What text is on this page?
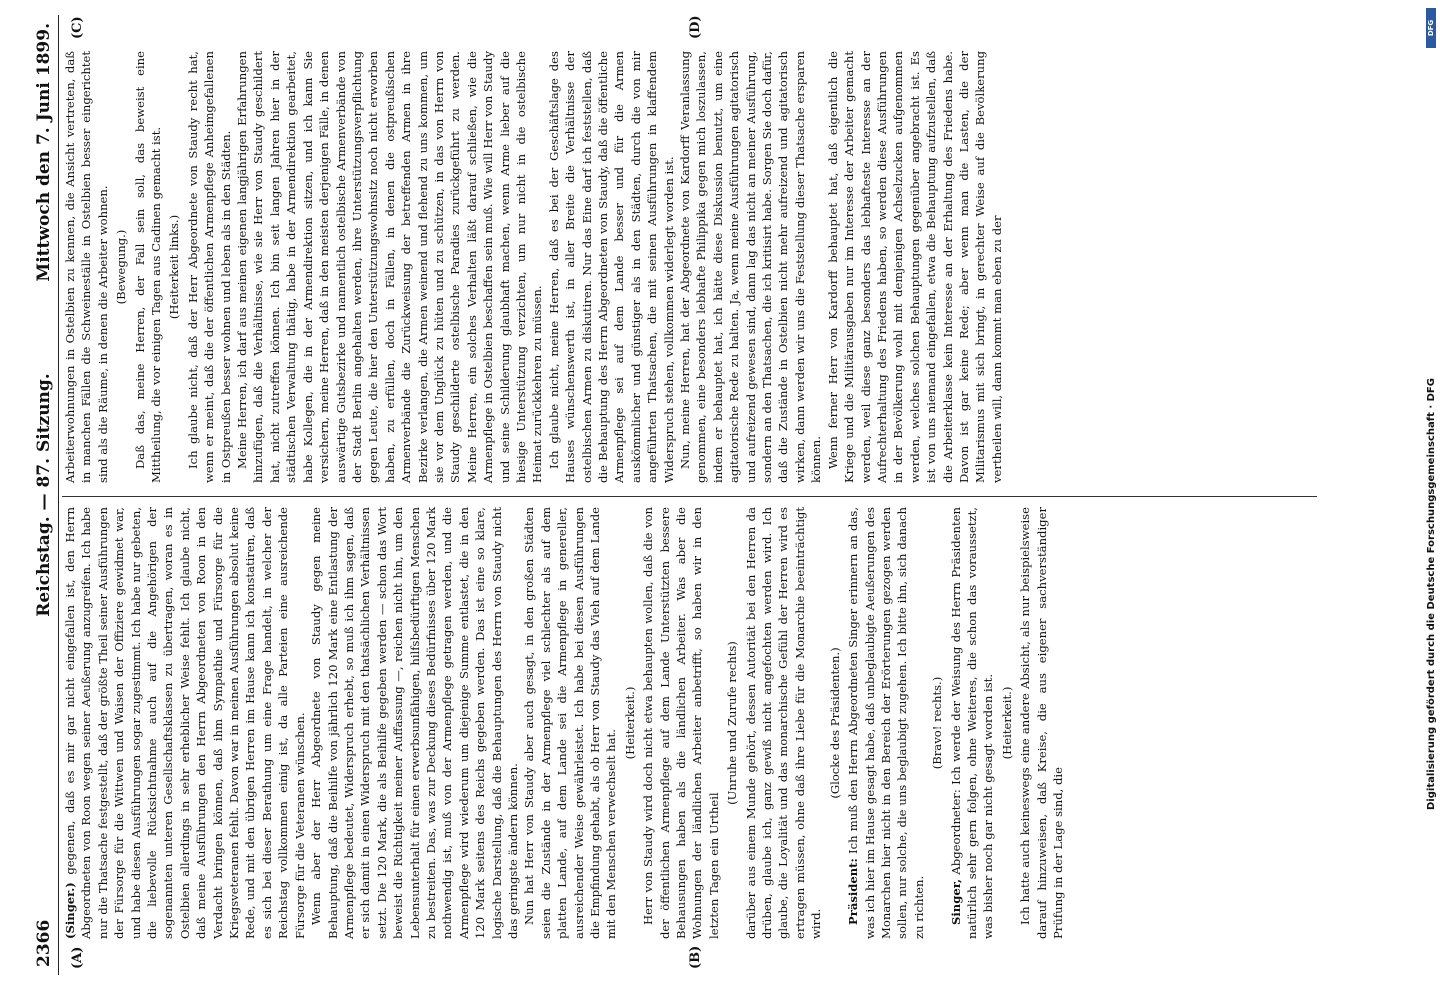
2366
Reichstag. — 87. Sitzung.
Mittwoch den 7. Juni 1899.
(A)	(B)
(C)	(D)

(Singer.) gegenen, daß es mir gar nicht eingefallen ist, den Herrn Abgeordneten von Roon wegen seiner Aeußerung anzugreifen. Ich habe nur die Thatsache festgestellt, daß der größte Theil seiner Ausführungen der Fürsorge für die Wittwen und Waisen der Offiziere gewidmet war, und habe diesen Ausführungen sogar zugestimmt. Ich habe nur gebeten, die liebevolle Rücksichtnahme auch auf die Angehörigen der sogenannten unteren Gesellschaftsklassen zu übertragen, woran es in Ostelbien allerdings in sehr erheblicher Weise fehlt. Ich glaube nicht, daß meine Ausführungen den Herrn Abgeordneten von Roon in den Verdacht bringen können, daß ihm Sympathie und Fürsorge für die Kriegsveteranen fehlt. Davon war in meinen Ausführungen absolut keine Rede, und mit den übrigen Herren im Hause kann ich konstatiren, daß es sich bei dieser Berathung um eine Frage handelt, in welcher der Reichstag vollkommen einig ist, da alle Parteien eine ausreichende Fürsorge für die Veteranen wünschen. Wenn aber der Herr Abgeordnete von Staudy gegen meine Behauptung, daß die Beihilfe von jährlich 120 Mark eine Entlastung der Armenpflege bedeutet, Widerspruch erhebt, so muß ich ihm sagen, daß er sich damit in einen Widerspruch mit den thatsächlichen Verhältnissen setzt. Die 120 Mark, die als Beihilfe gegeben werden — schon das Wort beweist die Richtigkeit meiner Auffassung —, reichen nicht hin, um den Lebensunterhalt für einen erwerbsunfähigen, hilfsbedürftigen Menschen zu bestreiten. Das, was zur Deckung dieses Bedürfnisses über 120 Mark nothwendig ist, muß von der Armenpflege getragen werden, und die Armenpflege wird wiederum um diejenige Summe entlastet, die in den 120 Mark seitens des Reichs gegeben werden. Das ist eine so klare, logische Darstellung, daß die Behauptungen des Herrn von Staudy nicht das geringste ändern können. Nun hat Herr von Staudy aber auch gesagt, in den großen Städten seien die Zustände in der Armenpflege viel schlechter als auf dem platten Lande, auf dem Lande sei die Armenpflege in genereller, ausreichender Weise gewährleistet. Ich habe bei diesen Ausführungen die Empfindung gehabt, als ob Herr von Staudy das Vieh auf dem Lande mit den Menschen verwechselt hat.

(Heiterkeit.) Herr von Staudy wird doch nicht etwa behaupten wollen, daß die von der öffentlichen Armenpflege auf dem Lande Unterstützten bessere Behausungen haben als die ländlichen Arbeiter. Was aber die Wohnungen der ländlichen Arbeiter anbetrifft, so haben wir in den letzten Tagen ein Urtheil

(Unruhe und Zurufe rechts) darüber aus einem Munde gehört, dessen Autorität bei den Herren da drüben, glaube ich, ganz gewiß nicht angefochten werden wird. Ich glaube, die Loyalität und das monarchische Gefühl der Herren wird es ertragen müssen, ohne daß ihre Liebe für die Monarchie beeinträchtigt wird.

(Glocke des Präsidenten.)

Präsident: Ich muß den Herrn Abgeordneten Singer erinnern an das, was ich hier im Hause gesagt habe, daß unbeglaubigte Aeußerungen des Monarchen hier nicht in den Bereich der Erörterungen gezogen werden sollen, nur solche, die uns beglaubigt zugehen. Ich bitte ihn, sich danach zu richten.

(Bravo! rechts.)

Singer, Abgeordneter: Ich werde der Weisung des Herrn Präsidenten natürlich sehr gern folgen, ohne Weiteres, die schon das voraussetzt, was bisher noch gar nicht gesagt worden ist. (Heiterkeit.) Ich hatte auch keineswegs eine andere Absicht, als nur beispielsweise darauf hinzuweisen, daß Kreise, die aus eigener sachverständiger Prüfung in der Lage sind, die

Arbeiterwohnungen in Ostelbien zu kennen, die Ansicht vertreten, daß in manchen Fällen die Schweineställe in Ostelbien besser eingerichtet sind als die Räume, in denen die Arbeiter wohnen. (Bewegung.) Daß das, meine Herren, der Fall sein soll, das beweist eine Mittheilung, die vor einigen Tagen aus Cadinen gemacht ist. (Heiterkeit links.) Ich glaube nicht, daß der Herr Abgeordnete von Staudy recht hat, wenn er meint, daß die der öffentlichen Armenpflege Anheimgefallenen in Ostpreußen besser wohnen und leben als in den Städten. Meine Herren, ich darf aus meinen eigenen langjährigen Erfahrungen hinzufügen, daß die Verhältnisse, wie sie Herr von Staudy geschildert hat, nicht zutreffen können. Ich bin seit langen Jahren hier in der städtischen Verwaltung thätig, habe in der Armendirektion gearbeitet, habe Kollegen, die in der Armendirektion sitzen, und ich kann Sie versichern, meine Herren, daß in den meisten derjenigen Fälle, in denen auswärtige Gutsbezirke und namentlich ostelbische Armenverbände von der Stadt Berlin angehalten werden, ihre Unterstützungsverpflichtung gegen Leute, die hier den Unterstützungswohnsitz noch nicht erworben haben, zu erfüllen, doch in Fällen, in denen die ostpreußischen Armenverbände die Zurückweisung der betreffenden Armen in ihre Bezirke verlangen, die Armen weinend und flehend zu uns kommen, um sie vor dem Unglück zu hüten und zu schützen, in das von Herrn von Staudy geschilderte ostelbische Paradies zurückgeführt zu werden. Meine Herren, ein solches Verhalten läßt darauf schließen, wie die Armenpflege in Ostelbien beschaffen sein muß. Wie will Herr von Staudy und seine Schilderung glaubhaft machen, wenn Arme lieber auf die hiesige Unterstützung verzichten, um nur nicht in die ostelbische Heimat zurückkehren zu müssen. Ich glaube nicht, meine Herren, daß es bei der Geschäftslage des Hauses wünschenswerth ist, in aller Breite die Verhältnisse der ostelbischen Armen zu diskutiren. Nur das Eine darf ich feststellen, daß die Behauptung des Herrn Abgeordneten von Staudy, daß die öffentliche Armenpflege sei auf dem Lande besser und für die Armen auskömmlicher und günstiger als in den Städten, durch die von mir angeführten Thatsachen, die mit seinen Ausführungen in klaffendem Widerspruch stehen, vollkommen widerlegt worden ist. Nun, meine Herren, hat der Abgeordnete von Kardorff Veranlassung genommen, eine besonders lebhafte Philippika gegen mich loszulassen, indem er behauptet hat, ich hätte diese Diskussion benutzt, um eine agitatorische Rede zu halten. Ja, wenn meine Ausführungen agitatorisch und aufreizend gewesen sind, dann lag das nicht an meiner Ausführung, sondern an den Thatsachen, die ich kritisirt habe. Sorgen Sie doch dafür, daß die Zustände in Ostelbien nicht mehr aufreizend und agitatorisch wirken, dann werden wir uns die Feststellung dieser Thatsache ersparen können. Wenn ferner Herr von Kardorff behauptet hat, daß eigentlich die Kriege und die Militärausgaben nur im Interesse der Arbeiter gemacht werden, weil diese ganz besonders das lebhafteste Interesse an der Aufrechterhaltung des Friedens haben, so werden diese Ausführungen in der Bevölkerung wohl mit demjenigen Achselzucken aufgenommen werden, welches solchen Behauptungen gegenüber angebracht ist. Es ist von uns niemand eingefallen, etwa die Behauptung aufzustellen, daß die Arbeiterklasse kein Interesse an der Erhaltung des Friedens habe. Davon ist gar keine Rede; aber wenn man die Lasten, die der Militarismus mit sich bringt, in gerechter Weise auf die Bevölkerung vertheilen will, dann kommt man eben zu der

DFG
Digitalisierung gefördert durch die Deutsche Forschungsgemeinschaft · DFG
